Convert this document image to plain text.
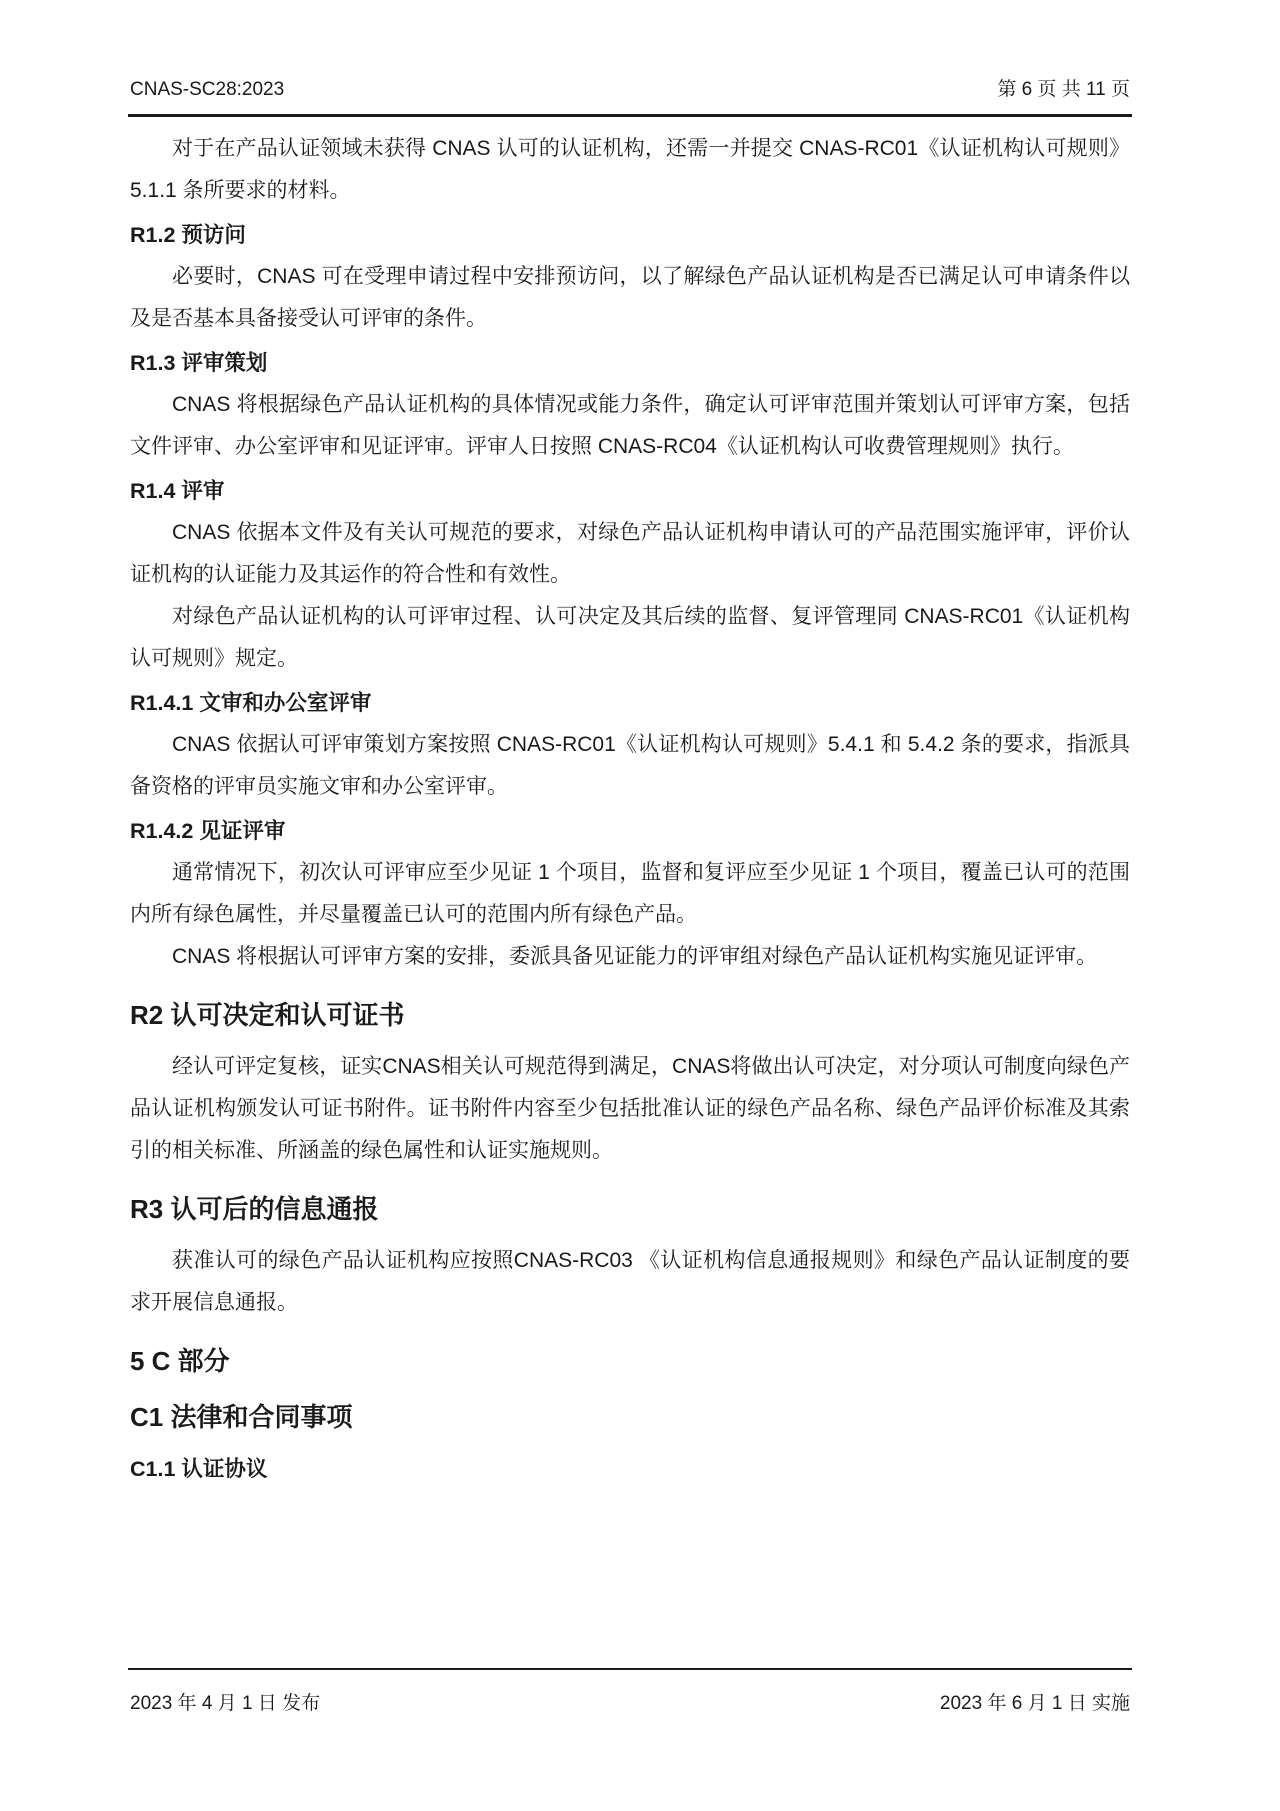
CNAS-SC28:2023	第 6 页 共 11 页
对于在产品认证领域未获得 CNAS 认可的认证机构，还需一并提交 CNAS-RC01《认证机构认可规则》5.1.1 条所要求的材料。
R1.2 预访问
必要时，CNAS 可在受理申请过程中安排预访问，以了解绿色产品认证机构是否已满足认可申请条件以及是否基本具备接受认可评审的条件。
R1.3 评审策划
CNAS 将根据绿色产品认证机构的具体情况或能力条件，确定认可评审范围并策划认可评审方案，包括文件评审、办公室评审和见证评审。评审人日按照 CNAS-RC04《认证机构认可收费管理规则》执行。
R1.4 评审
CNAS 依据本文件及有关认可规范的要求，对绿色产品认证机构申请认可的产品范围实施评审，评价认证机构的认证能力及其运作的符合性和有效性。
对绿色产品认证机构的认可评审过程、认可决定及其后续的监督、复评管理同 CNAS-RC01《认证机构认可规则》规定。
R1.4.1 文审和办公室评审
CNAS 依据认可评审策划方案按照 CNAS-RC01《认证机构认可规则》5.4.1 和 5.4.2 条的要求，指派具备资格的评审员实施文审和办公室评审。
R1.4.2 见证评审
通常情况下，初次认可评审应至少见证 1 个项目，监督和复评应至少见证 1 个项目，覆盖已认可的范围内所有绿色属性，并尽量覆盖已认可的范围内所有绿色产品。
CNAS 将根据认可评审方案的安排，委派具备见证能力的评审组对绿色产品认证机构实施见证评审。
R2 认可决定和认可证书
经认可评定复核，证实CNAS相关认可规范得到满足，CNAS将做出认可决定，对分项认可制度向绿色产品认证机构颁发认可证书附件。证书附件内容至少包括批准认证的绿色产品名称、绿色产品评价标准及其索引的相关标准、所涵盖的绿色属性和认证实施规则。
R3 认可后的信息通报
获准认可的绿色产品认证机构应按照CNAS-RC03 《认证机构信息通报规则》和绿色产品认证制度的要求开展信息通报。
5 C 部分
C1 法律和合同事项
C1.1 认证协议
2023 年 4 月 1 日 发布	2023 年 6 月 1 日 实施
